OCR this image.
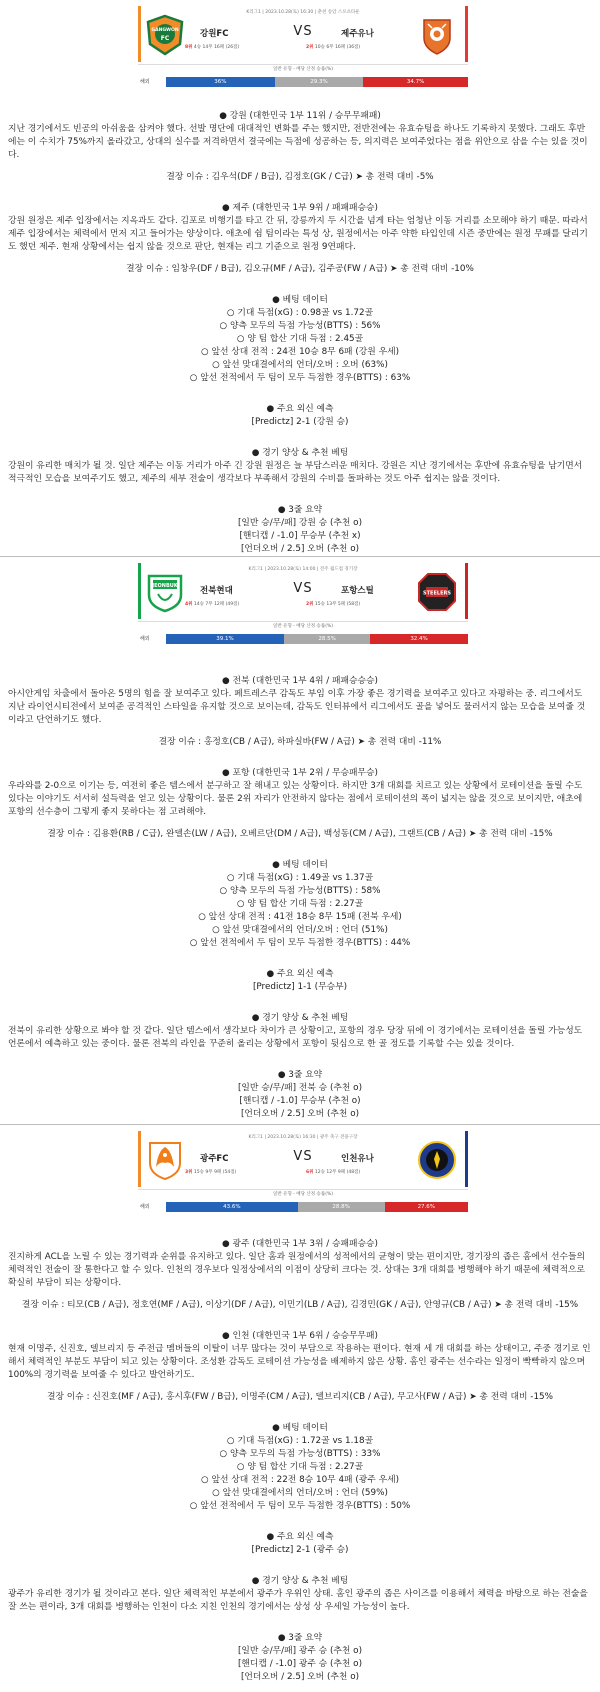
K리그1 | 2023.10.28(토) 16:30 | 춘천 송암 스포츠타운
GANGWON
FC	강원FC	VS	제주유나
8위 4승 14무 16패 (26점)	2위 10승 6무 16패 (36점)
일반 유형 - 배당 산정 승률(%)
해외	36%	29.3%	34.7%

● 강원 (대한민국 1부 11위 / 승무무패패)

지난 경기에서도 빈공의 아쉬움을 삼켜야 했다. 선발 명단에 대대적인 변화를 주는 했지만, 전반전에는 유효슈팅을 하나도 기록하지 못했다. 그래도 후반에는 이 수치가 75%까지 올라갔고, 상대의 실수를 저격하면서 결국에는 득점에 성공하는 등, 의지력은 보여주었다는 점을 위안으로 삼을 수는 있을 것이다.

결장 이슈 : 김우석(DF / B급), 김정호(GK / C급) ➤ 총 전력 대비 -5%

● 제주 (대한민국 1부 9위 / 패패패승승)

강원 원정은 제주 입장에서는 지옥과도 같다. 김포로 비행기를 타고 간 뒤, 강릉까지 두 시간을 넘게 타는 엄청난 이동 거리를 소모해야 하기 때문. 따라서 제주 입장에서는 체력에서 먼저 지고 들어가는 양상이다. 애초에 쉼 팀이라는 특성 상, 원정에서는 아주 약한 타입인데 시즌 중반에는 원정 무패를 달리기도 했던 제주. 현재 상황에서는 쉽지 않을 것으로 판단, 현재는 리그 기준으로 원정 9연패다.

결장 이슈 : 임창우(DF / B급), 김오규(MF / A급), 김주공(FW / A급) ➤ 총 전력 대비 -10%

● 베팅 데이터

○ 기대 득점(xG) : 0.98골 vs 1.72골

○ 양측 모두의 득점 가능성(BTTS) : 56%

○ 양 팀 합산 기대 득점 : 2.45골

○ 앞선 상대 전적 : 24전 10승 8무 6패 (강원 우세)

○ 앞선 맞대결에서의 언더/오버 : 오버 (63%)

○ 앞선 전적에서 두 팀이 모두 득점한 경우(BTTS) : 63%

● 주요 외신 예측

[Predictz] 2-1 (강원 승)

● 경기 양상 & 추천 베팅

강원이 유리한 매치가 될 것. 일단 제주는 이동 거리가 아주 긴 강원 원정은 늘 부담스러운 매치다. 강원은 지난 경기에서는 후반에 유효슈팅을 남기면서 적극적인 모습을 보여주기도 했고, 제주의 세부 전술이 생각보다 부족해서 강원의 수비를 돌파하는 것도 아주 쉽지는 않을 것이다.

● 3줄 요약

[일반 승/무/패] 강원 승 (추천 o)

[핸디캡 / -1.0] 무승부 (추천 x)

[언더오버 / 2.5] 오버 (추천 o)

K리그1 | 2023.10.28(토) 14:00 | 전주 월드컵 경기장
JEONBUK	전북현대	VS	포항스틸	STEELERS
4위 14승 7무 12패 (49점)	2위 15승 13무 5패 (58점)
일반 유형 - 배당 산정 승률(%)
해외	39.1%	28.5%	32.4%

● 전북 (대한민국 1부 4위 / 패패승승승)

아시안게임 차출에서 돌아온 5명의 힘을 잘 보여주고 있다. 페트레스쿠 감독도 부임 이후 가장 좋은 경기력을 보여주고 있다고 자평하는 중. 리그에서도 지난 라이언시티전에서 보여준 공격적인 스타일을 유지할 것으로 보이는데, 감독도 인터뷰에서 리그에서도 골을 넣어도 물러서지 않는 모습을 보여줄 것이라고 단언하기도 했다.

결장 이슈 : 홍정호(CB / A급), 하파실바(FW / A급) ➤ 총 전력 대비 -11%

● 포항 (대한민국 1부 2위 / 무승패무승)

우라와를 2-0으로 이기는 등, 여전히 좋은 템스에서 분구하고 잘 해내고 있는 상황이다. 하지만 3개 대회를 치르고 있는 상황에서 로테이션을 돌릴 수도 있다는 이야기도 서서히 설득력을 얻고 있는 상황이다. 물론 2위 자리가 안전하지 않다는 점에서 로테이션의 폭이 넓지는 않을 것으로 보이지만, 애초에 포항의 선수층이 그렇게 좋지 못하다는 점 고려해야.

결장 이슈 : 김용환(RB / C급), 완델손(LW / A급), 오베르단(DM / A급), 백성동(CM / A급), 그랜트(CB / A급) ➤ 총 전력 대비 -15%

● 베팅 데이터

○ 기대 득점(xG) : 1.49골 vs 1.37골

○ 양측 모두의 득점 가능성(BTTS) : 58%

○ 양 팀 합산 기대 득점 : 2.27골

○ 앞선 상대 전적 : 41전 18승 8무 15패 (전북 우세)

○ 앞선 맞대결에서의 언더/오버 : 언더 (51%)

○ 앞선 전적에서 두 팀이 모두 득점한 경우(BTTS) : 44%

● 주요 외신 예측

[Predictz] 1-1 (무승부)

● 경기 양상 & 추천 베팅

전북이 유리한 상황으로 봐야 할 것 같다. 일단 템스에서 생각보다 차이가 큰 상황이고, 포항의 경우 당장 뒤에 이 경기에서는 로테이션을 돌릴 가능성도 언론에서 예측하고 있는 중이다. 물론 전북의 라인을 꾸준히 올리는 상황에서 포항이 뒷심으로 한 골 정도를 기록할 수는 있을 것이다.

● 3줄 요약

[일반 승/무/패] 전북 승 (추천 o)

[핸디캡 / -1.0] 무승부 (추천 o)

[언더오버 / 2.5] 오버 (추천 o)

K리그1 | 2023.10.28(토) 16:30 | 광주 축구 전용구장
광주FC	VS	인천유나
3위 15승 9무 9패 (54점)	6위 12승 12무 9패 (48점)
일반 유형 - 배당 산정 승률(%)
해외	43.6%	28.8%	27.6%

● 광주 (대한민국 1부 3위 / 승패패승승)

진지하게 ACL을 노릴 수 있는 경기력과 순위를 유지하고 있다. 일단 홈과 원정에서의 성적에서의 균형이 맞는 편이지만, 경기장의 좁은 홈에서 선수들의 체력적인 전술이 잘 통한다고 할 수 있다. 인천의 경우보다 일정상에서의 이점이 상당히 크다는 것. 상대는 3개 대회를 병행해야 하기 때문에 체력적으로 확실히 부담이 되는 상황이다.

결장 이슈 : 티모(CB / A급), 정호연(MF / A급), 이상기(DF / A급), 이민기(LB / A급), 김경민(GK / A급), 안영규(CB / A급) ➤ 총 전력 대비 -15%

● 인천 (대한민국 1부 6위 / 승승무무패)

현재 이명주, 신진호, 델브리지 등 주전급 멤버들의 이탈이 너무 많다는 것이 부담으로 작용하는 편이다. 현재 세 개 대회를 하는 상태이고, 주중 경기로 인해서 체력적인 부분도 부담이 되고 있는 상황이다. 조성환 감독도 로테이션 가능성을 배제하지 않은 상황. 홈인 광주는 선수라는 일정이 빡빡하지 않으며 100%의 경기력을 보여줄 수 있다고 발언하기도.

결장 이슈 : 신진호(MF / A급), 홍시후(FW / B급), 이명주(CM / A급), 델브리지(CB / A급), 무고사(FW / A급) ➤ 총 전력 대비 -15%

● 베팅 데이터

○ 기대 득점(xG) : 1.72골 vs 1.18골

○ 양측 모두의 득점 가능성(BTTS) : 33%

○ 양 팀 합산 기대 득점 : 2.27골

○ 앞선 상대 전적 : 22전 8승 10무 4패 (광주 우세)

○ 앞선 맞대결에서의 언더/오버 : 언더 (59%)

○ 앞선 전적에서 두 팀이 모두 득점한 경우(BTTS) : 50%

● 주요 외신 예측

[Predictz] 2-1 (광주 승)

● 경기 양상 & 추천 베팅

광주가 유리한 경기가 될 것이라고 본다. 일단 체력적인 부분에서 광주가 우위인 상태. 홈인 광주의 좁은 사이즈를 이용해서 체력을 바탕으로 하는 전술을 잘 쓰는 편이라, 3개 대회를 병행하는 인천이 다소 지친 인천의 경기에서는 상성 상 우세일 가능성이 높다.

● 3줄 요약

[일반 승/무/패] 광주 승 (추천 o)

[핸디캡 / -1.0] 광주 승 (추천 o)

[언더오버 / 2.5] 오버 (추천 o)
